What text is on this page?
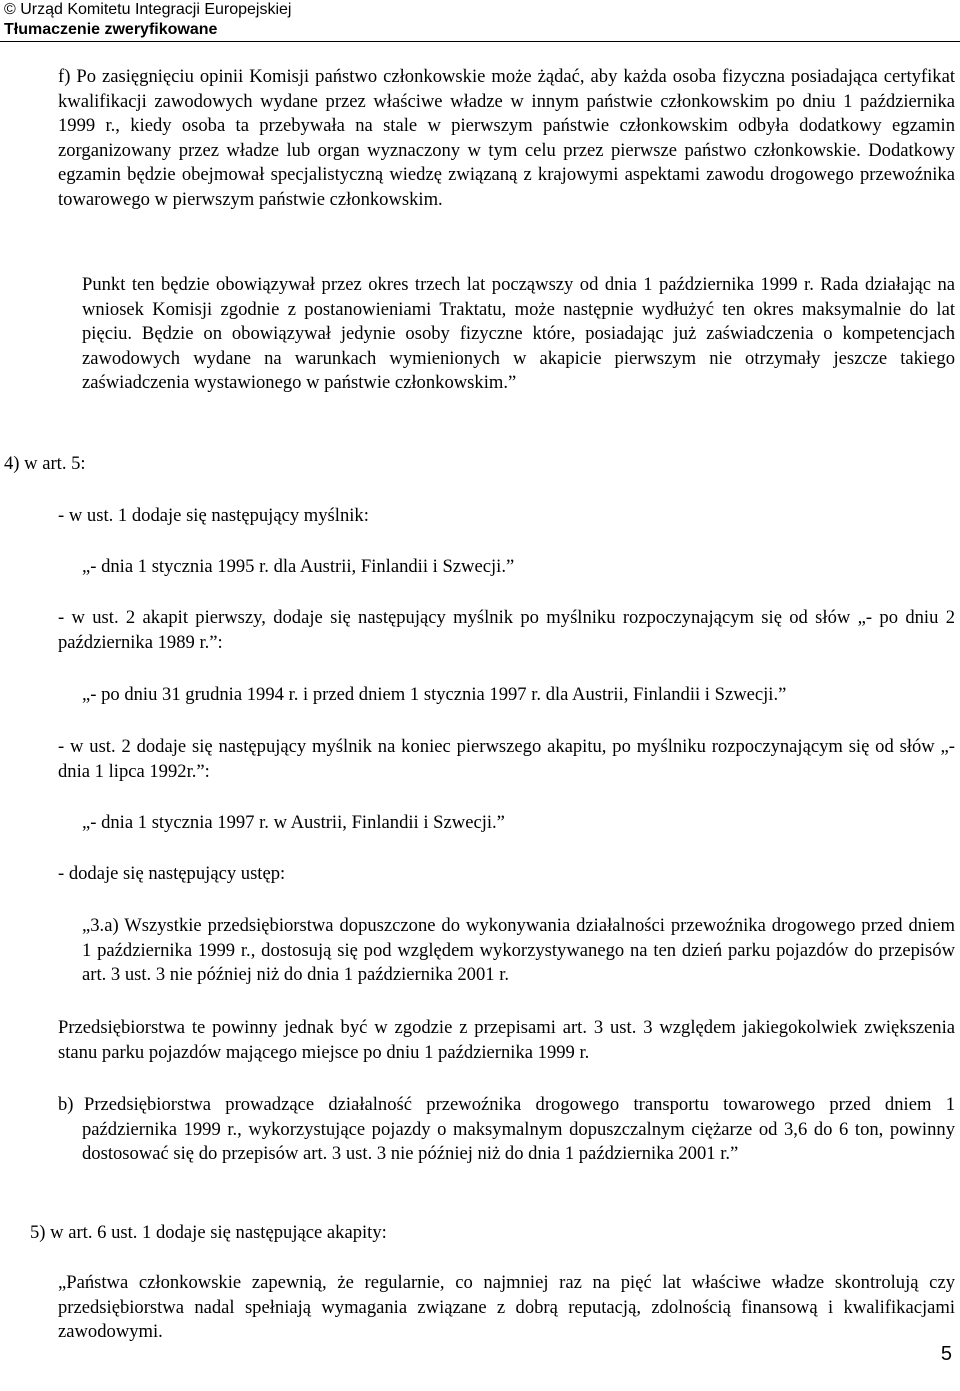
© Urząd Komitetu Integracji Europejskiej
Tłumaczenie zweryfikowane

f) Po zasięgnięciu opinii Komisji państwo członkowskie może żądać, aby każda osoba fizyczna posiadająca certyfikat kwalifikacji zawodowych wydane przez właściwe władze w innym państwie członkowskim po dniu 1 października 1999 r., kiedy osoba ta przebywała na stale w pierwszym państwie członkowskim odbyła dodatkowy egzamin zorganizowany przez władze lub organ wyznaczony w tym celu przez pierwsze państwo członkowskie. Dodatkowy egzamin będzie obejmował specjalistyczną wiedzę związaną z krajowymi aspektami zawodu drogowego przewoźnika towarowego w pierwszym państwie członkowskim.

Punkt ten będzie obowiązywał przez okres trzech lat począwszy od dnia 1 października 1999 r. Rada działając na wniosek Komisji zgodnie z postanowieniami Traktatu, może następnie wydłużyć ten okres maksymalnie do lat pięciu. Będzie on obowiązywał jedynie osoby fizyczne które, posiadając już zaświadczenia o kompetencjach zawodowych wydane na warunkach wymienionych w akapicie pierwszym nie otrzymały jeszcze takiego zaświadczenia wystawionego w państwie członkowskim.”

4) w art. 5:

- w ust. 1 dodaje się następujący myślnik:

„- dnia 1 stycznia 1995 r. dla Austrii, Finlandii i Szwecji.”

- w ust. 2 akapit pierwszy, dodaje się następujący myślnik po myślniku rozpoczynającym się od słów „- po dniu 2 października 1989 r.”:

„- po dniu 31 grudnia 1994 r. i przed dniem 1 stycznia 1997 r. dla Austrii, Finlandii i Szwecji.”

- w ust. 2 dodaje się następujący myślnik na koniec pierwszego akapitu, po myślniku rozpoczynającym się od słów „- dnia 1 lipca 1992r.”:

„- dnia 1 stycznia 1997 r. w Austrii, Finlandii i Szwecji.”

- dodaje się następujący ustęp:

„3.a) Wszystkie przedsiębiorstwa dopuszczone do wykonywania działalności przewoźnika drogowego przed dniem 1 października 1999 r., dostosują się pod względem wykorzystywanego na ten dzień parku pojazdów do przepisów art. 3 ust. 3 nie później niż do dnia 1 października 2001 r.

Przedsiębiorstwa te powinny jednak być w zgodzie z przepisami art. 3 ust. 3 względem jakiegokolwiek zwiększenia stanu parku pojazdów mającego miejsce po dniu 1 października 1999 r.

b) Przedsiębiorstwa prowadzące działalność przewoźnika drogowego transportu towarowego przed dniem 1 października 1999 r., wykorzystujące pojazdy o maksymalnym dopuszczalnym ciężarze od 3,6 do 6 ton, powinny dostosować się do przepisów art. 3 ust. 3 nie później niż do dnia 1 października 2001 r.”

5) w art. 6 ust. 1 dodaje się następujące akapity:

„Państwa członkowskie zapewnią, że regularnie, co najmniej raz na pięć lat właściwe władze skontrolują czy przedsiębiorstwa nadal spełniają wymagania związane z dobrą reputacją, zdolnością finansową i kwalifikacjami zawodowymi.

5
